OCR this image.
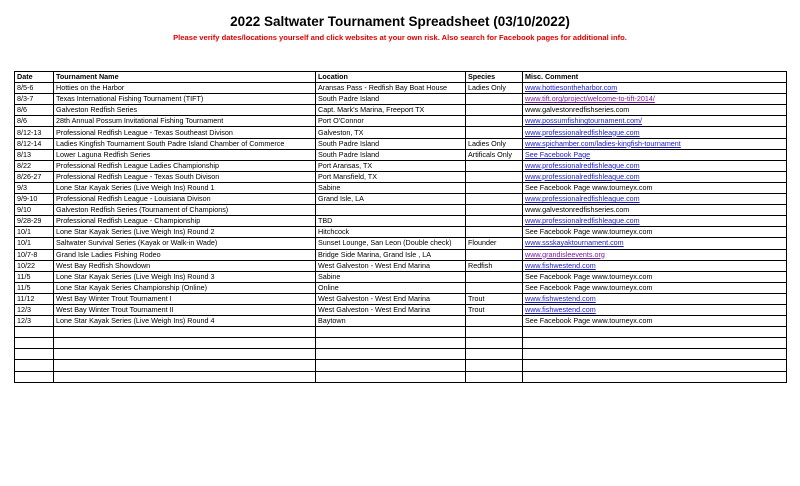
2022 Saltwater Tournament Spreadsheet (03/10/2022)
Please verify dates/locations yourself and click websites at your own risk. Also search for Facebook pages for additional info.
Date	Tournament Name	Location	Species	Misc. Comment
8/5-6	Hotties on the Harbor	Aransas Pass - Redfish Bay Boat House	Ladies Only	www.hottiesontheharbor.com
8/3-7	Texas International Fishing Tournament (TIFT)	South Padre Island		www.tift.org/project/welcome-to-tift-2014/
8/6	Galveston Redfish Series	Capt. Mark's Marina, Freeport TX		www.galvestonredfishseries.com
8/6	28th Annual Possum Invitational Fishing Tournament	Port O'Connor		www.possumfishingtournament.com/
8/12-13	Professional Redfish League - Texas Southeast Divison	Galveston, TX		www.professionalredfishleague.com
8/12-14	Ladies Kingfish Tournament South Padre Island Chamber of Commerce	South Padre Island	Ladies Only	www.spichamber.com/ladies-kingfish-tournament
8/13	Lower Laguna Redfish Series	South Padre Island	Artificals Only	See Facebook Page
8/22	Professional Redfish League Ladies Championship	Port Aransas, TX		www.professionalredfishleague.com
8/26-27	Professional Redfish League - Texas South Divison	Port Mansfield, TX		www.professionalredfishleague.com
9/3	Lone Star Kayak Series (Live Weigh Ins) Round 1	Sabine		See Facebook Page www.tourneyx.com
9/9-10	Professional Redfish League - Louisiana Divison	Grand Isle, LA		www.professionalredfishleague.com
9/10	Galveston Redfish Series (Tournament of Champions)			www.galvestonredfishseries.com
9/28-29	Professional Redfish League - Championship	TBD		www.professionalredfishleague.com
10/1	Lone Star Kayak Series (Live Weigh Ins) Round 2	Hitchcock		See Facebook Page www.tourneyx.com
10/1	Saltwater Survival Series (Kayak or Walk-in Wade)	Sunset Lounge, San Leon (Double check)	Flounder	www.ssskayaktournament.com
10/7-8	Grand Isle Ladies Fishing Rodeo	Bridge Side Marina, Grand Isle , LA		www.grandisleevents.org
10/22	West Bay Redfish Showdown	West Galveston - West End Marina	Redfish	www.fishwestend.com
11/5	Lone Star Kayak Series (Live Weigh Ins) Round 3	Sabine		See Facebook Page www.tourneyx.com
11/5	Lone Star Kayak Series Championship (Online)	Online		See Facebook Page www.tourneyx.com
11/12	West Bay Winter Trout Tournament I	West Galveston - West End Marina	Trout	www.fishwestend.com
12/3	West Bay Winter Trout Tournament II	West Galveston - West End Marina	Trout	www.fishwestend.com
12/3	Lone Star Kayak Series (Live Weigh Ins) Round 4	Baytown		See Facebook Page www.tourneyx.com
